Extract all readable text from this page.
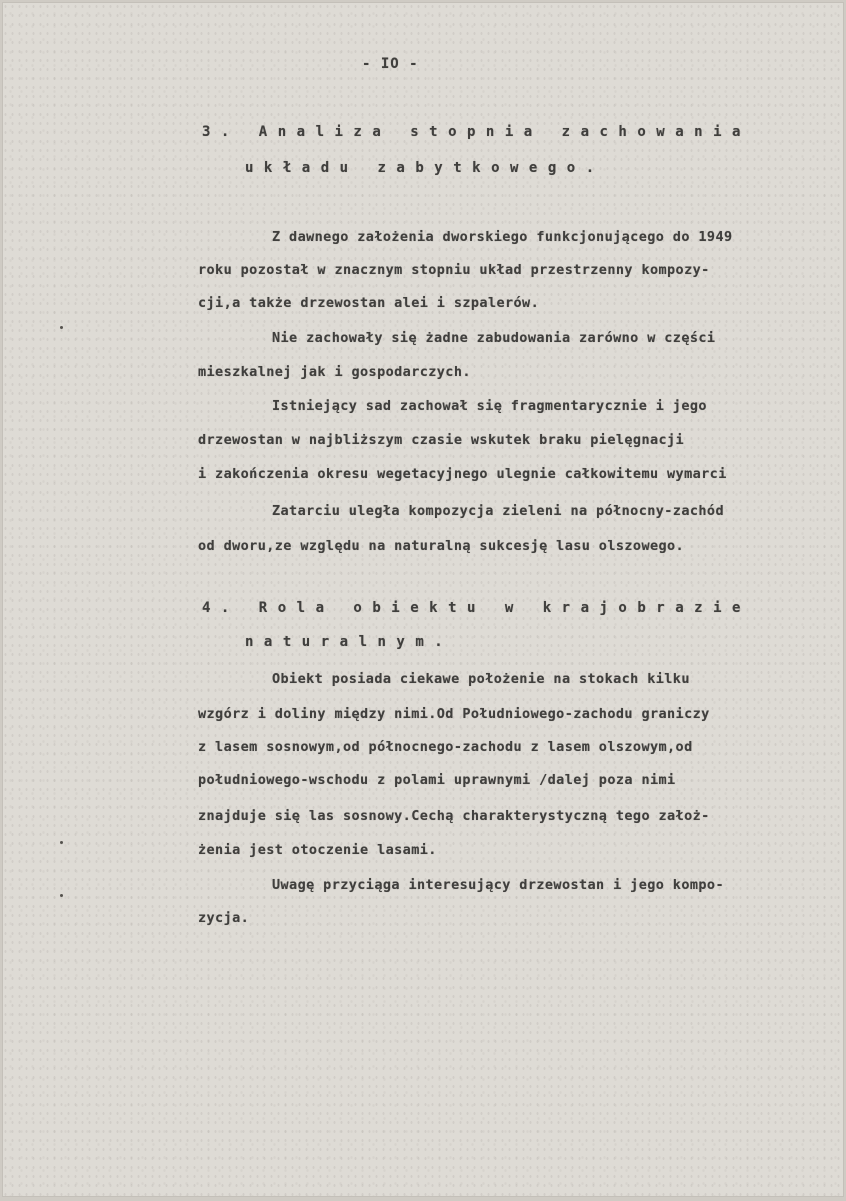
- IO -
3. Analiza stopnia zachowania
układu zabytkowego.
Z dawnego założenia dworskiego funkcjonującego do 1949
roku pozostał w znacznym stopniu układ przestrzenny kompozy-
cji,a także drzewostan alei i szpalerów.
Nie zachowały się żadne zabudowania zarówno w części
mieszkalnej jak i gospodarczych.
Istniejący sad zachował się fragmentarycznie i jego
drzewostan w najbliższym czasie wskutek braku pielęgnacji
i zakończenia okresu wegetacyjnego ulegnie całkowitemu wymarci
Zatarciu uległa kompozycja zieleni na północny-zachód
od dworu,ze względu na naturalną sukcesję lasu olszowego.
4. Rola obiektu w krajobrazie
naturalnym.
Obiekt posiada ciekawe położenie na stokach kilku
wzgórz i doliny między nimi.Od Południowego-zachodu graniczy
z lasem sosnowym,od północnego-zachodu z lasem olszowym,od
południowego-wschodu z polami uprawnymi /dalej poza nimi
znajduje się las sosnowy.Cechą charakterystyczną tego założ-
żenia jest otoczenie lasami.
Uwagę przyciąga interesujący drzewostan i jego kompo-
zycja.
